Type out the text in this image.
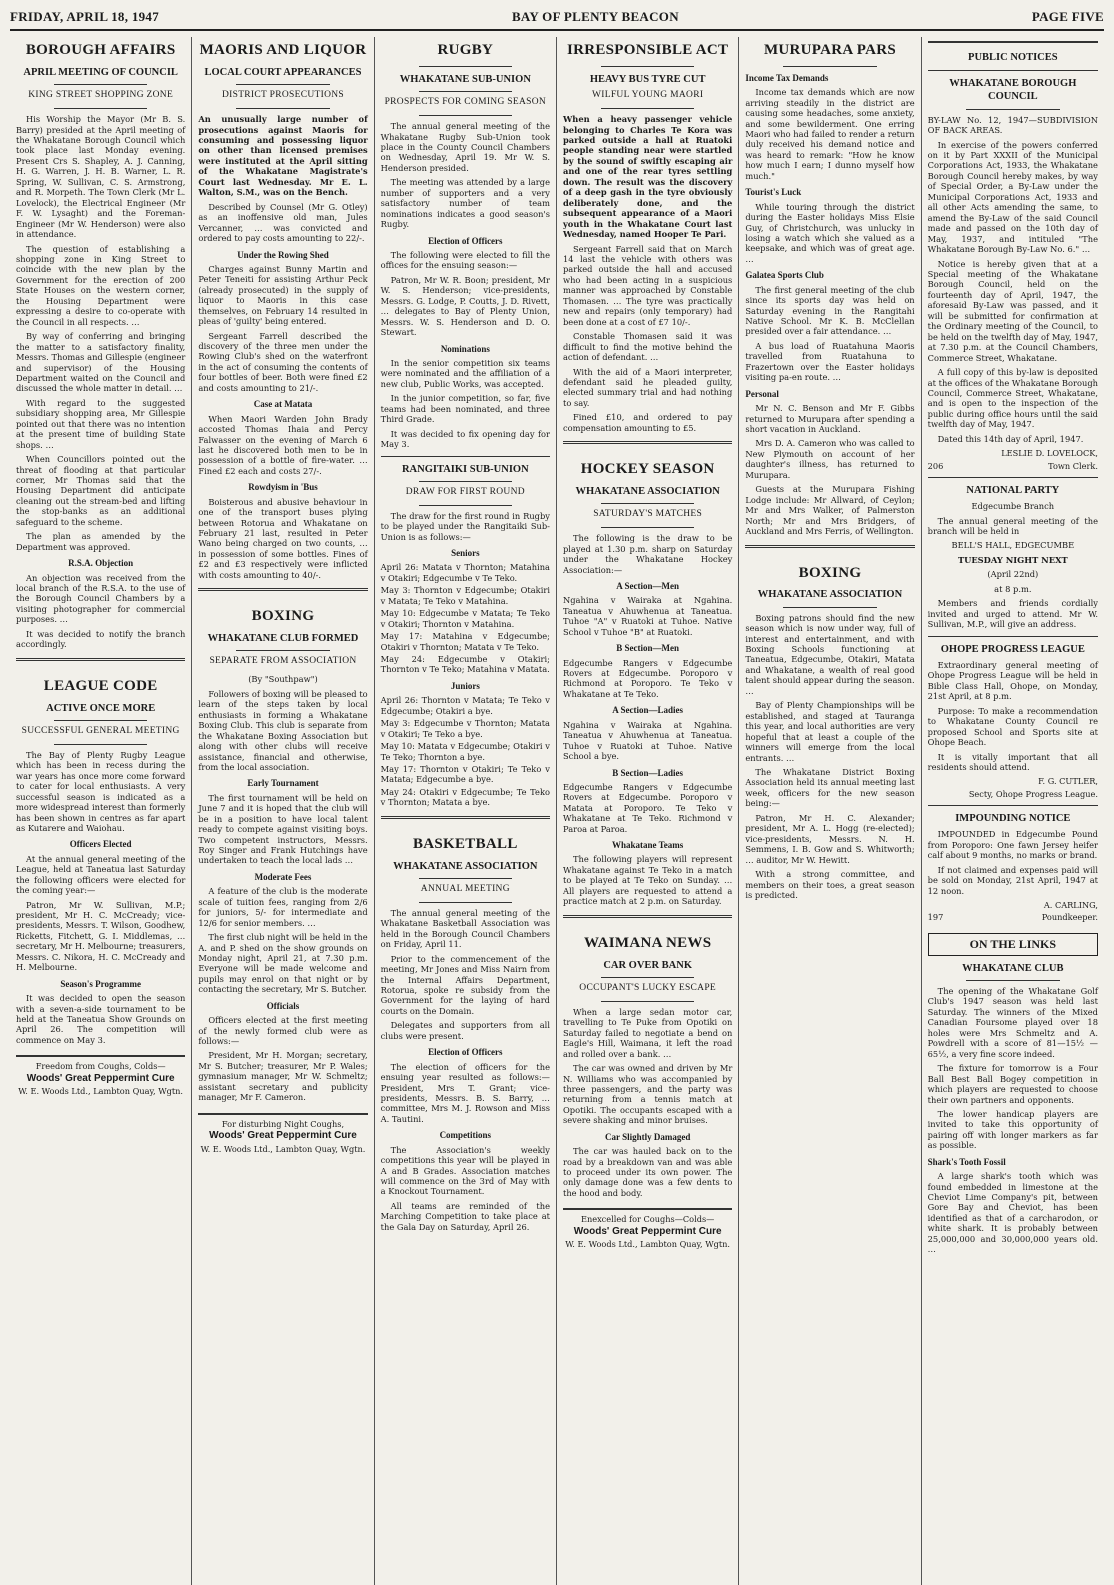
FRIDAY, APRIL 18, 1947	BAY OF PLENTY BEACON	PAGE FIVE
BOROUGH AFFAIRS
APRIL MEETING OF COUNCIL
KING STREET SHOPPING ZONE

His Worship the Mayor (Mr B. S. Barry) presided at the April meeting of the Whakatane Borough Council which took place last Monday evening. Present Crs S. Shapley, A. J. Canning, H. G. Warren, J. H. B. Warner, L. R. Spring, W. Sullivan, C. S. Armstrong, and R. Morpeth. The Town Clerk (Mr L. Lovelock), the Electrical Engineer (Mr F. W. Lysaght) and the Foreman-Engineer (Mr W. Henderson) were also in attendance.

The question of establishing a shopping zone in King Street to coincide with the new plan by the Government for the erection of 200 State Houses on the western corner, the Housing Department were expressing a desire to co-operate with the Council in all respects. …

By way of conferring and bringing the matter to a satisfactory finality, Messrs. Thomas and Gillespie (engineer and supervisor) of the Housing Department waited on the Council and discussed the whole matter in detail. …

With regard to the suggested subsidiary shopping area, Mr Gillespie pointed out that there was no intention at the present time of building State shops. …

When Councillors pointed out the threat of flooding at that particular corner, Mr Thomas said that the Housing Department did anticipate cleaning out the stream-bed and lifting the stop-banks as an additional safeguard to the scheme.

The plan as amended by the Department was approved.

R.S.A. Objection

An objection was received from the local branch of the R.S.A. to the use of the Borough Council Chambers by a visiting photographer for commercial purposes. …

It was decided to notify the branch accordingly.

LEAGUE CODE
ACTIVE ONCE MORE
SUCCESSFUL GENERAL MEETING

The Bay of Plenty Rugby League which has been in recess during the war years has once more come forward to cater for local enthusiasts. A very successful season is indicated as a more widespread interest than formerly has been shown in centres as far apart as Kutarere and Waiohau.

Officers Elected

At the annual general meeting of the League, held at Taneatua last Saturday the following officers were elected for the coming year:—

Patron, Mr W. Sullivan, M.P.; president, Mr H. C. McCready; vice-presidents, Messrs. T. Wilson, Goodhew, Ricketts, Fitchett, G. I. Middlemas, … secretary, Mr H. Melbourne; treasurers, Messrs. C. Nikora, H. C. McCready and H. Melbourne.

Season's Programme

It was decided to open the season with a seven-a-side tournament to be held at the Taneatua Show Grounds on April 26. The competition will commence on May 3.

Freedom from Coughs, Colds—
Woods' Great Peppermint Cure
W. E. Woods Ltd., Lambton Quay, Wgtn.
MAORIS AND LIQUOR
LOCAL COURT APPEARANCES
DISTRICT PROSECUTIONS

An unusually large number of prosecutions against Maoris for consuming and possessing liquor on other than licensed premises were instituted at the April sitting of the Whakatane Magistrate's Court last Wednesday. Mr E. L. Walton, S.M., was on the Bench.

Described by Counsel (Mr G. Otley) as an inoffensive old man, Jules Vercanner, … was convicted and ordered to pay costs amounting to 22/-.

Under the Rowing Shed

Charges against Bunny Martin and Peter Teneiti for assisting Arthur Peck (already prosecuted) in the supply of liquor to Maoris in this case themselves, on February 14 resulted in pleas of 'guilty' being entered.

Sergeant Farrell described the discovery of the three men under the Rowing Club's shed on the waterfront in the act of consuming the contents of four bottles of beer. Both were fined £2 and costs amounting to 21/-.

Case at Matata

When Maori Warden John Brady accosted Thomas Ihaia and Percy Falwasser on the evening of March 6 last he discovered both men to be in possession of a bottle of fire-water. … Fined £2 each and costs 27/-.

Rowdyism in 'Bus

Boisterous and abusive behaviour in one of the transport buses plying between Rotorua and Whakatane on February 21 last, resulted in Peter Wano being charged on two counts, … in possession of some bottles. Fines of £2 and £3 respectively were inflicted with costs amounting to 40/-.

BOXING
WHAKATANE CLUB FORMED
SEPARATE FROM ASSOCIATION

(By "Southpaw")

Followers of boxing will be pleased to learn of the steps taken by local enthusiasts in forming a Whakatane Boxing Club. This club is separate from the Whakatane Boxing Association but along with other clubs will receive assistance, financial and otherwise, from the local association.

Early Tournament

The first tournament will be held on June 7 and it is hoped that the club will be in a position to have local talent ready to compete against visiting boys. Two competent instructors, Messrs. Roy Singer and Frank Hutchings have undertaken to teach the local lads …

Moderate Fees

A feature of the club is the moderate scale of tuition fees, ranging from 2/6 for juniors, 5/- for intermediate and 12/6 for senior members. …

The first club night will be held in the A. and P. shed on the show grounds on Monday night, April 21, at 7.30 p.m. Everyone will be made welcome and pupils may enrol on that night or by contacting the secretary, Mr S. Butcher.

Officials

Officers elected at the first meeting of the newly formed club were as follows:—

President, Mr H. Morgan; secretary, Mr S. Butcher; treasurer, Mr P. Wales; gymnasium manager, Mr W. Schmeltz; assistant secretary and publicity manager, Mr F. Cameron.

For disturbing Night Coughs,
Woods' Great Peppermint Cure
W. E. Woods Ltd., Lambton Quay, Wgtn.
RUGBY
WHAKATANE SUB-UNION
PROSPECTS FOR COMING SEASON

The annual general meeting of the Whakatane Rugby Sub-Union took place in the County Council Chambers on Wednesday, April 19. Mr W. S. Henderson presided.

The meeting was attended by a large number of supporters and a very satisfactory number of team nominations indicates a good season's Rugby.

Election of Officers

The following were elected to fill the offices for the ensuing season:—

Patron, Mr W. R. Boon; president, Mr W. S. Henderson; vice-presidents, Messrs. G. Lodge, P. Coutts, J. D. Rivett, … delegates to Bay of Plenty Union, Messrs. W. S. Henderson and D. O. Stewart.

Nominations

In the senior competition six teams were nominated and the affiliation of a new club, Public Works, was accepted.

In the junior competition, so far, five teams had been nominated, and three Third Grade.

It was decided to fix opening day for May 3.

RANGITAIKI SUB-UNION
DRAW FOR FIRST ROUND

The draw for the first round in Rugby to be played under the Rangitaiki Sub-Union is as follows:—

Seniors

April 26: Matata v Thornton; Matahina v Otakiri; Edgecumbe v Te Teko.

May 3: Thornton v Edgecumbe; Otakiri v Matata; Te Teko v Matahina.

May 10: Edgecumbe v Matata; Te Teko v Otakiri; Thornton v Matahina.

May 17: Matahina v Edgecumbe; Otakiri v Thornton; Matata v Te Teko.

May 24: Edgecumbe v Otakiri; Thornton v Te Teko; Matahina v Matata.

Juniors

April 26: Thornton v Matata; Te Teko v Edgecumbe; Otakiri a bye.

May 3: Edgecumbe v Thornton; Matata v Otakiri; Te Teko a bye.

May 10: Matata v Edgecumbe; Otakiri v Te Teko; Thornton a bye.

May 17: Thornton v Otakiri; Te Teko v Matata; Edgecumbe a bye.

May 24: Otakiri v Edgecumbe; Te Teko v Thornton; Matata a bye.

BASKETBALL
WHAKATANE ASSOCIATION
ANNUAL MEETING

The annual general meeting of the Whakatane Basketball Association was held in the Borough Council Chambers on Friday, April 11.

Prior to the commencement of the meeting, Mr Jones and Miss Nairn from the Internal Affairs Department, Rotorua, spoke re subsidy from the Government for the laying of hard courts on the Domain.

Delegates and supporters from all clubs were present.

Election of Officers

The election of officers for the ensuing year resulted as follows:— President, Mrs T. Grant; vice-presidents, Messrs. B. S. Barry, … committee, Mrs M. J. Rowson and Miss A. Tautini.

Competitions

The Association's weekly competitions this year will be played in A and B Grades. Association matches will commence on the 3rd of May with a Knockout Tournament.

All teams are reminded of the Marching Competition to take place at the Gala Day on Saturday, April 26.

IRRESPONSIBLE ACT
HEAVY BUS TYRE CUT
WILFUL YOUNG MAORI

When a heavy passenger vehicle belonging to Charles Te Kora was parked outside a hall at Ruatoki people standing near were startled by the sound of swiftly escaping air and one of the rear tyres settling down. The result was the discovery of a deep gash in the tyre obviously deliberately done, and the subsequent appearance of a Maori youth in the Whakatane Court last Wednesday, named Hooper Te Pari.

Sergeant Farrell said that on March 14 last the vehicle with others was parked outside the hall and accused who had been acting in a suspicious manner was approached by Constable Thomasen. … The tyre was practically new and repairs (only temporary) had been done at a cost of £7 10/-.

Constable Thomasen said it was difficult to find the motive behind the action of defendant. …

With the aid of a Maori interpreter, defendant said he pleaded guilty, elected summary trial and had nothing to say.

Fined £10, and ordered to pay compensation amounting to £5.

HOCKEY SEASON
WHAKATANE ASSOCIATION
SATURDAY'S MATCHES

The following is the draw to be played at 1.30 p.m. sharp on Saturday under the Whakatane Hockey Association:—

A Section—Men

Ngahina v Wairaka at Ngahina. Taneatua v Ahuwhenua at Taneatua. Tuhoe "A" v Ruatoki at Tuhoe. Native School v Tuhoe "B" at Ruatoki.

B Section—Men

Edgecumbe Rangers v Edgecumbe Rovers at Edgecumbe. Poroporo v Richmond at Poroporo. Te Teko v Whakatane at Te Teko.

A Section—Ladies

Ngahina v Wairaka at Ngahina. Taneatua v Ahuwhenua at Taneatua. Tuhoe v Ruatoki at Tuhoe. Native School a bye.

B Section—Ladies

Edgecumbe Rangers v Edgecumbe Rovers at Edgecumbe. Poroporo v Matata at Poroporo. Te Teko v Whakatane at Te Teko. Richmond v Paroa at Paroa.

Whakatane Teams

The following players will represent Whakatane against Te Teko in a match to be played at Te Teko on Sunday. … All players are requested to attend a practice match at 2 p.m. on Saturday.

WAIMANA NEWS
CAR OVER BANK
OCCUPANT'S LUCKY ESCAPE

When a large sedan motor car, travelling to Te Puke from Opotiki on Saturday failed to negotiate a bend on Eagle's Hill, Waimana, it left the road and rolled over a bank. …

The car was owned and driven by Mr N. Williams who was accompanied by three passengers, and the party was returning from a tennis match at Opotiki. The occupants escaped with a severe shaking and minor bruises.

Car Slightly Damaged

The car was hauled back on to the road by a breakdown van and was able to proceed under its own power. The only damage done was a few dents to the hood and body.

Enexcelled for Coughs—Colds—
Woods' Great Peppermint Cure
W. E. Woods Ltd., Lambton Quay, Wgtn.
MURUPARA PARS
Income Tax Demands

Income tax demands which are now arriving steadily in the district are causing some headaches, some anxiety, and some bewilderment. One erring Maori who had failed to render a return duly received his demand notice and was heard to remark: "How he know how much I earn; I dunno myself how much."

Tourist's Luck

While touring through the district during the Easter holidays Miss Elsie Guy, of Christchurch, was unlucky in losing a watch which she valued as a keepsake, and which was of great age. …

Galatea Sports Club

The first general meeting of the club since its sports day was held on Saturday evening in the Rangitahi Native School. Mr K. B. McClellan presided over a fair attendance. …

A bus load of Ruatahuna Maoris travelled from Ruatahuna to Frazertown over the Easter holidays visiting pa-en route. …

Personal

Mr N. C. Benson and Mr F. Gibbs returned to Murupara after spending a short vacation in Auckland.

Mrs D. A. Cameron who was called to New Plymouth on account of her daughter's illness, has returned to Murupara.

Guests at the Murupara Fishing Lodge include: Mr Allward, of Ceylon; Mr and Mrs Walker, of Palmerston North; Mr and Mrs Bridgers, of Auckland and Mrs Ferris, of Wellington.

BOXING
WHAKATANE ASSOCIATION

Boxing patrons should find the new season which is now under way, full of interest and entertainment, and with Boxing Schools functioning at Taneatua, Edgecumbe, Otakiri, Matata and Whakatane, a wealth of real good talent should appear during the season. …

Bay of Plenty Championships will be established, and staged at Tauranga this year, and local authorities are very hopeful that at least a couple of the winners will emerge from the local entrants. …

The Whakatane District Boxing Association held its annual meeting last week, officers for the new season being:—

Patron, Mr H. C. Alexander; president, Mr A. L. Hogg (re-elected); vice-presidents, Messrs. N. H. Semmens, I. B. Gow and S. Whitworth; … auditor, Mr W. Hewitt.

With a strong committee, and members on their toes, a great season is predicted.

PUBLIC NOTICES
WHAKATANE BOROUGH COUNCIL

BY-LAW No. 12, 1947—SUBDIVISION OF BACK AREAS.

In exercise of the powers conferred on it by Part XXXII of the Municipal Corporations Act, 1933, the Whakatane Borough Council hereby makes, by way of Special Order, a By-Law under the Municipal Corporations Act, 1933 and all other Acts amending the same, to amend the By-Law of the said Council made and passed on the 10th day of May, 1937, and intituled "The Whakatane Borough By-Law No. 6." …

Notice is hereby given that at a Special meeting of the Whakatane Borough Council, held on the fourteenth day of April, 1947, the aforesaid By-Law was passed, and it will be submitted for confirmation at the Ordinary meeting of the Council, to be held on the twelfth day of May, 1947, at 7.30 p.m. at the Council Chambers, Commerce Street, Whakatane.

A full copy of this by-law is deposited at the offices of the Whakatane Borough Council, Commerce Street, Whakatane, and is open to the inspection of the public during office hours until the said twelfth day of May, 1947.

Dated this 14th day of April, 1947.

LESLIE D. LOVELOCK,
206	Town Clerk.
NATIONAL PARTY

Edgecumbe Branch

The annual general meeting of the branch will be held in

BELL'S HALL, EDGECUMBE

TUESDAY NIGHT NEXT

(April 22nd)

at 8 p.m.

Members and friends cordially invited and urged to attend. Mr W. Sullivan, M.P., will give an address.

OHOPE PROGRESS LEAGUE

Extraordinary general meeting of Ohope Progress League will be held in Bible Class Hall, Ohope, on Monday, 21st April, at 8 p.m.

Purpose: To make a recommendation to Whakatane County Council re proposed School and Sports site at Ohope Beach.

It is vitally important that all residents should attend.

F. G. CUTLER,
Secty, Ohope Progress League.
IMPOUNDING NOTICE

IMPOUNDED in Edgecumbe Pound from Poroporo: One fawn Jersey heifer calf about 9 months, no marks or brand.

If not claimed and expenses paid will be sold on Monday, 21st April, 1947 at 12 noon.

A. CARLING,
197	Poundkeeper.
ON THE LINKS
WHAKATANE CLUB

The opening of the Whakatane Golf Club's 1947 season was held last Saturday. The winners of the Mixed Canadian Foursome played over 18 holes were Mrs Schmeltz and A. Powdrell with a score of 81—15½ —65½, a very fine score indeed.

The fixture for tomorrow is a Four Ball Best Ball Bogey competition in which players are requested to choose their own partners and opponents.

The lower handicap players are invited to take this opportunity of pairing off with longer markers as far as possible.

Shark's Tooth Fossil

A large shark's tooth which was found embedded in limestone at the Cheviot Lime Company's pit, between Gore Bay and Cheviot, has been identified as that of a carcharodon, or white shark. It is probably between 25,000,000 and 30,000,000 years old. …
